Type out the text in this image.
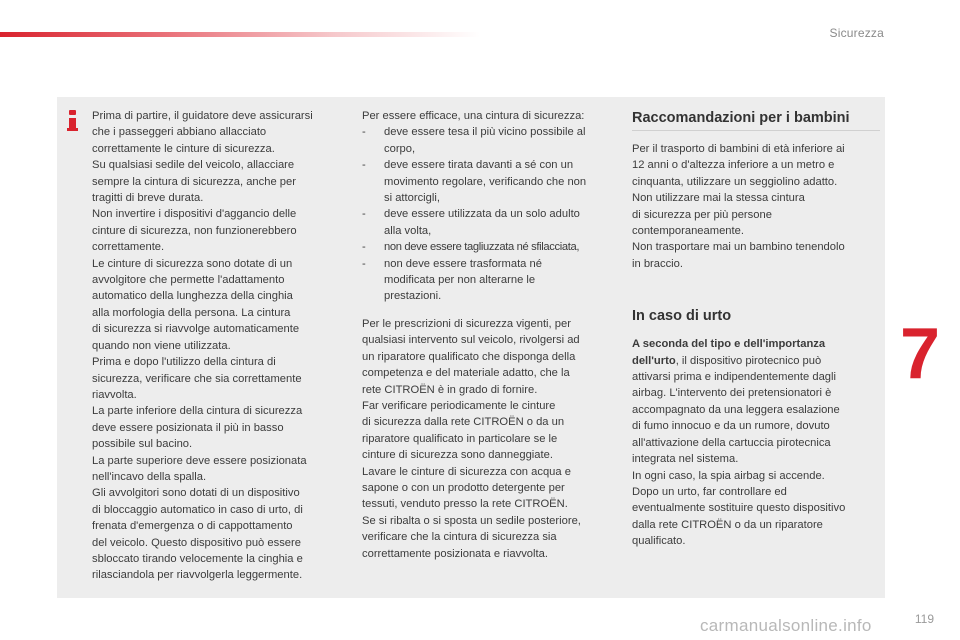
Sicurezza

Prima di partire, il guidatore deve assicurarsi

che i passeggeri abbiano allacciato

correttamente le cinture di sicurezza.

Su qualsiasi sedile del veicolo, allacciare

sempre la cintura di sicurezza, anche per

tragitti di breve durata.

Non invertire i dispositivi d'aggancio delle

cinture di sicurezza, non funzionerebbero

correttamente.

Le cinture di sicurezza sono dotate di un

avvolgitore che permette l'adattamento

automatico della lunghezza della cinghia

alla morfologia della persona. La cintura

di sicurezza si riavvolge automaticamente

quando non viene utilizzata.

Prima e dopo l'utilizzo della cintura di

sicurezza, verificare che sia correttamente

riavvolta.

La parte inferiore della cintura di sicurezza

deve essere posizionata il più in basso

possibile sul bacino.

La parte superiore deve essere posizionata

nell'incavo della spalla.

Gli avvolgitori sono dotati di un dispositivo

di bloccaggio automatico in caso di urto, di

frenata d'emergenza o di cappottamento

del veicolo. Questo dispositivo può essere

sbloccato tirando velocemente la cinghia e

rilasciandola per riavvolgerla leggermente.

Per essere efficace, una cintura di sicurezza:

-	deve essere tesa il più vicino possibile al

corpo,

-	deve essere tirata davanti a sé con un

movimento regolare, verificando che non

si attorcigli,

-	deve essere utilizzata da un solo adulto

alla volta,

-	non deve essere tagliuzzata né sfilacciata,

-	non deve essere trasformata né

modificata per non alterarne le

prestazioni.

Per le prescrizioni di sicurezza vigenti, per

qualsiasi intervento sul veicolo, rivolgersi ad

un riparatore qualificato che disponga della

competenza e del materiale adatto, che la

rete CITROËN è in grado di fornire.

Far verificare periodicamente le cinture

di sicurezza dalla rete CITROËN o da un

riparatore qualificato in particolare se le

cinture di sicurezza sono danneggiate.

Lavare le cinture di sicurezza con acqua e

sapone o con un prodotto detergente per

tessuti, venduto presso la rete CITROËN.

Se si ribalta o si sposta un sedile posteriore,

verificare che la cintura di sicurezza sia

correttamente posizionata e riavvolta.

Raccomandazioni per i bambini

Per il trasporto di bambini di età inferiore ai

12 anni o d'altezza inferiore a un metro e

cinquanta, utilizzare un seggiolino adatto.

Non utilizzare mai la stessa cintura

di sicurezza per più persone

contemporaneamente.

Non trasportare mai un bambino tenendolo

in braccio.

In caso di urto

A seconda del tipo e dell'importanza

dell'urto, il dispositivo pirotecnico può

attivarsi prima e indipendentemente dagli

airbag. L'intervento dei pretensionatori è

accompagnato da una leggera esalazione

di fumo innocuo e da un rumore, dovuto

all'attivazione della cartuccia pirotecnica

integrata nel sistema.

In ogni caso, la spia airbag si accende.

Dopo un urto, far controllare ed

eventualmente sostituire questo dispositivo

dalla rete CITROËN o da un riparatore

qualificato.

7
carmanualsonline.info	119
